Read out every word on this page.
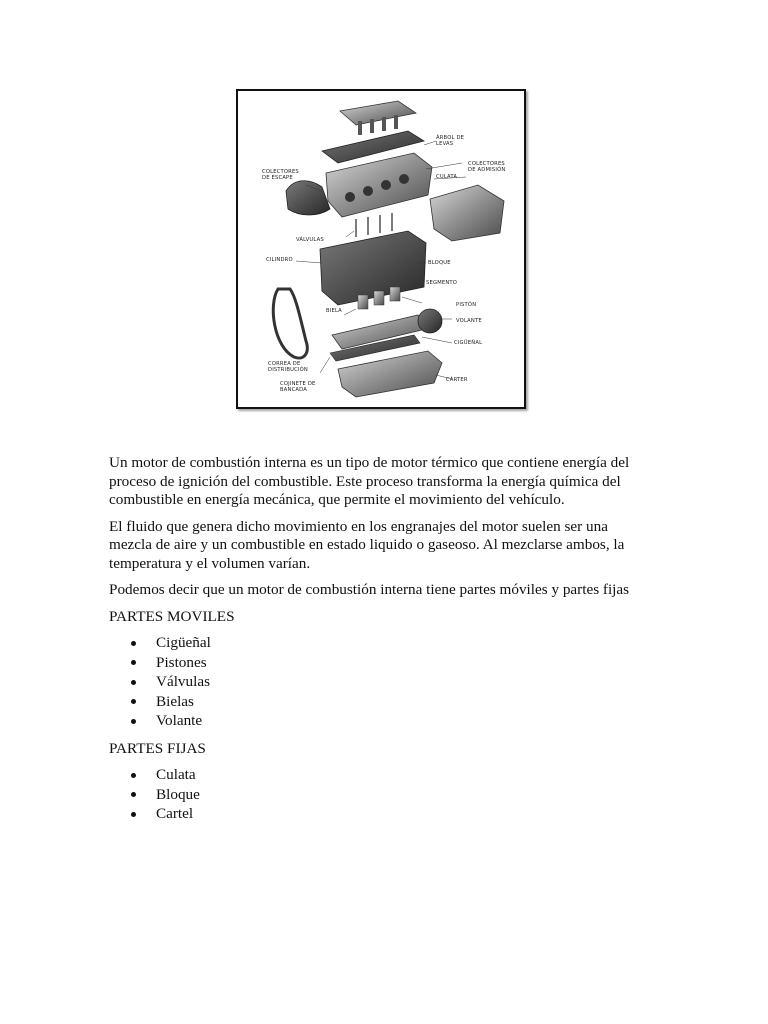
ÁRBOL DE
LEVAS
COLECTORES
DE ESCAPE
COLECTORES
DE ADMISIÓN
CULATA
VÁLVULAS
CILINDRO	BLOQUE
SEGMENTO
PISTÓN
BIELA
VOLANTE
CIGÜEÑAL
CORREA DE
DISTRIBUCIÓN
COJINETE DE
BANCADA
CÁRTER

Un motor de combustión interna es un tipo de motor térmico que contiene energía del proceso de ignición del combustible. Este proceso transforma la energía química del combustible en energía mecánica, que permite el movimiento del vehículo.

El fluido que genera dicho movimiento en los engranajes del motor suelen ser una mezcla de aire y un combustible en estado liquido o gaseoso. Al mezclarse ambos, la temperatura y el volumen varían.

Podemos decir que un motor de combustión interna tiene partes móviles y partes fijas

PARTES MOVILES
Cigüeñal
Pistones
Válvulas
Bielas
Volante
PARTES FIJAS
Culata
Bloque
Cartel
